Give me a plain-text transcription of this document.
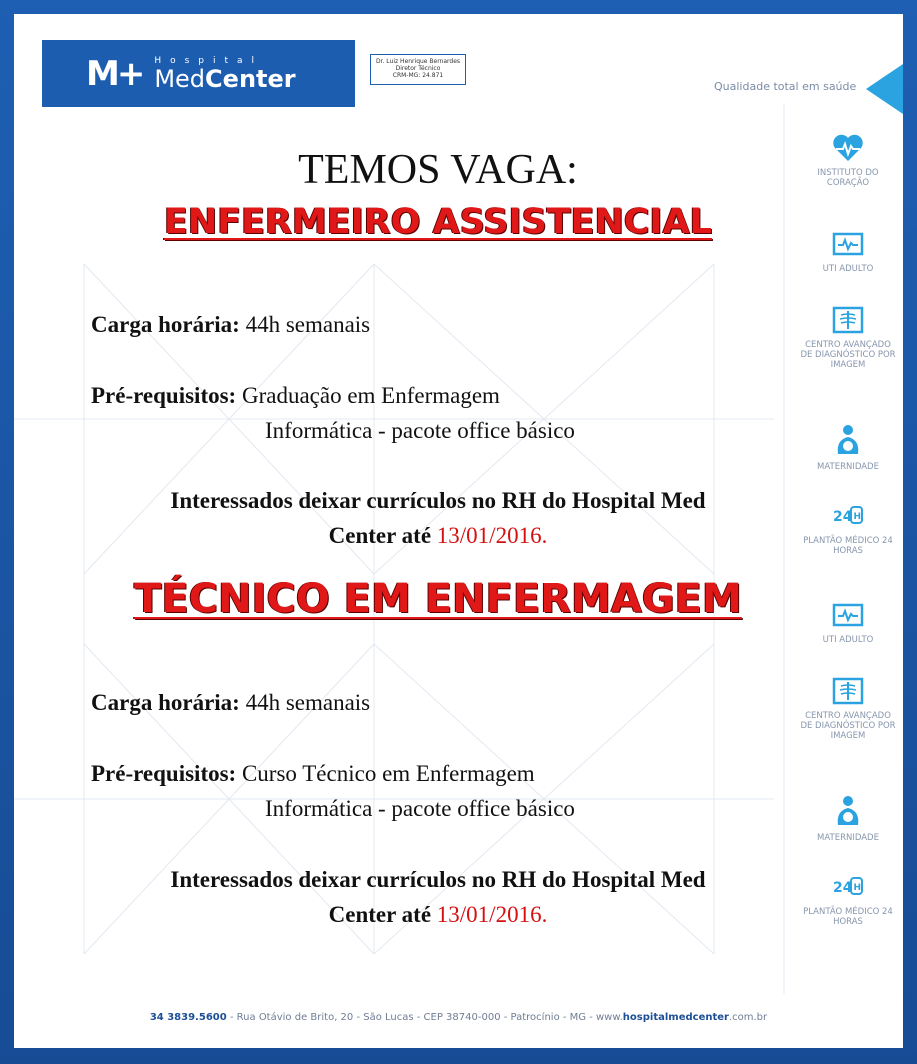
M+ Hospital
MedCenter
Dr. Luiz Henrique Bernardes
Diretor Técnico
CRM-MG: 24.871
Qualidade total em saúde
INSTITUTO DO CORAÇÃO
UTI ADULTO
CENTRO AVANÇADO DE DIAGNÓSTICO POR IMAGEM
MATERNIDADE
24 H
PLANTÃO MÉDICO 24 HORAS
UTI ADULTO
CENTRO AVANÇADO DE DIAGNÓSTICO POR IMAGEM
MATERNIDADE
24 H
PLANTÃO MÉDICO 24 HORAS
TEMOS VAGA:
ENFERMEIRO ASSISTENCIAL
Carga horária: 44h semanais
Pré-requisitos: Graduação em Enfermagem
Informática - pacote office básico
Interessados deixar currículos no RH do Hospital Med
Center até 13/01/2016.
TÉCNICO EM ENFERMAGEM
Carga horária: 44h semanais
Pré-requisitos: Curso Técnico em Enfermagem
Informática - pacote office básico
Interessados deixar currículos no RH do Hospital Med
Center até 13/01/2016.
34 3839.5600 - Rua Otávio de Brito, 20 - São Lucas - CEP 38740-000 - Patrocínio - MG - www.hospitalmedcenter.com.br
